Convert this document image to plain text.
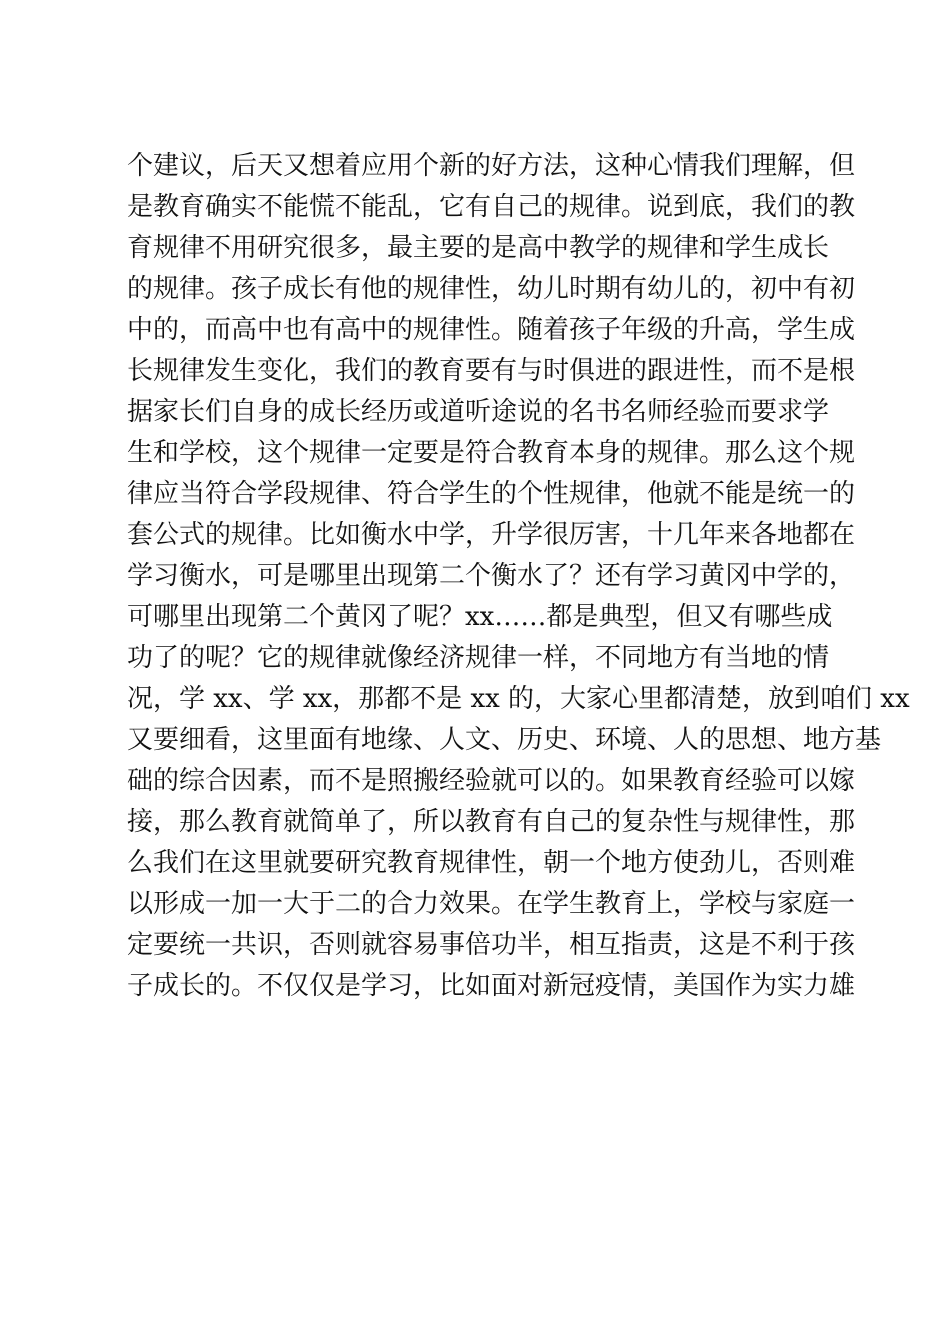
个建议，后天又想着应用个新的好方法，这种心情我们理解，但
是教育确实不能慌不能乱，它有自己的规律。说到底，我们的教
育规律不用研究很多，最主要的是高中教学的规律和学生成长
的规律。孩子成长有他的规律性，幼儿时期有幼儿的，初中有初
中的，而高中也有高中的规律性。随着孩子年级的升高，学生成
长规律发生变化，我们的教育要有与时俱进的跟进性，而不是根
据家长们自身的成长经历或道听途说的名书名师经验而要求学
生和学校，这个规律一定要是符合教育本身的规律。那么这个规
律应当符合学段规律、符合学生的个性规律，他就不能是统一的
套公式的规律。比如衡水中学，升学很厉害，十几年来各地都在
学习衡水，可是哪里出现第二个衡水了？还有学习黄冈中学的，
可哪里出现第二个黄冈了呢？xx……都是典型，但又有哪些成
功了的呢？它的规律就像经济规律一样，不同地方有当地的情
况，学 xx、学 xx，那都不是 xx 的，大家心里都清楚，放到咱们 xx
又要细看，这里面有地缘、人文、历史、环境、人的思想、地方基
础的综合因素，而不是照搬经验就可以的。如果教育经验可以嫁
接，那么教育就简单了，所以教育有自己的复杂性与规律性，那
么我们在这里就要研究教育规律性，朝一个地方使劲儿，否则难
以形成一加一大于二的合力效果。在学生教育上，学校与家庭一
定要统一共识，否则就容易事倍功半，相互指责，这是不利于孩
子成长的。不仅仅是学习，比如面对新冠疫情，美国作为实力雄
